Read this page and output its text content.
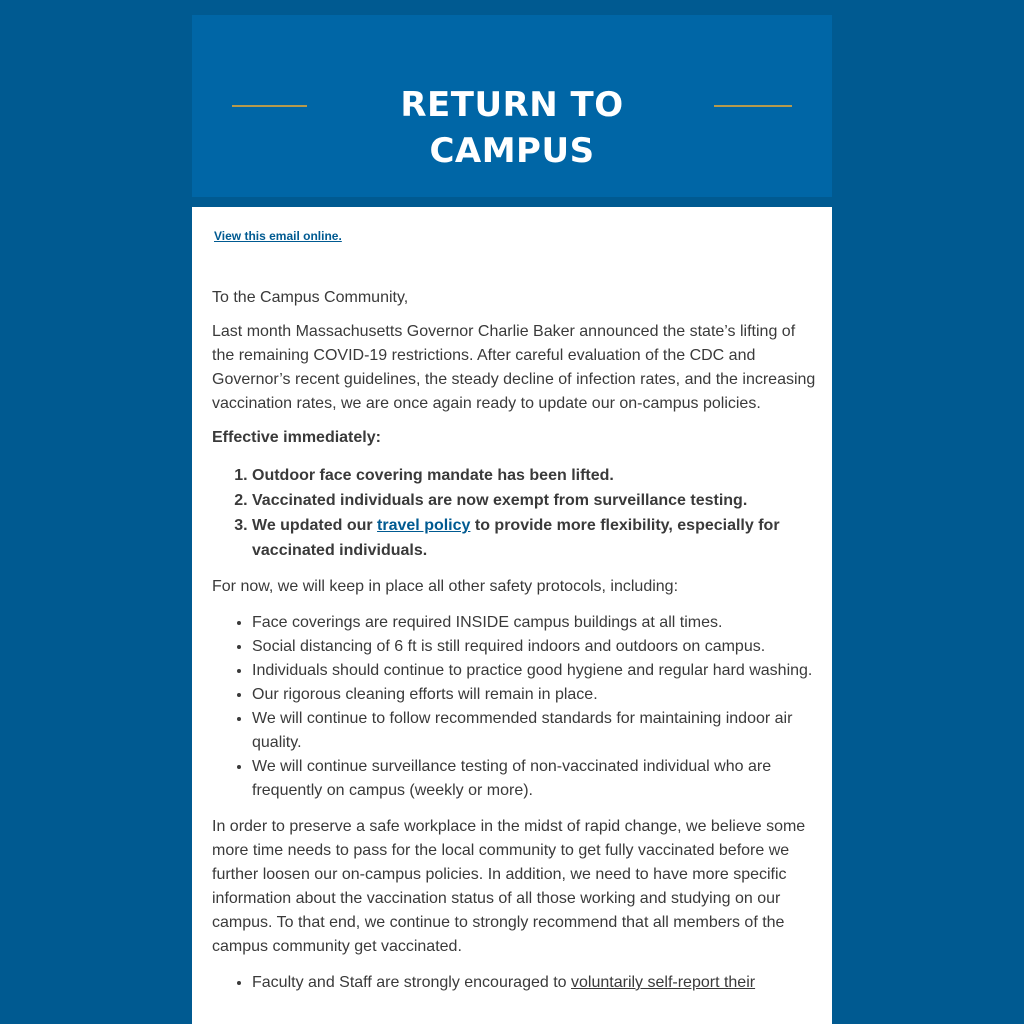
RETURN TO CAMPUS
View this email online.

To the Campus Community,

Last month Massachusetts Governor Charlie Baker announced the state’s lifting of the remaining COVID-19 restrictions. After careful evaluation of the CDC and Governor’s recent guidelines, the steady decline of infection rates, and the increasing vaccination rates, we are once again ready to update our on-campus policies.

Effective immediately:

1. Outdoor face covering mandate has been lifted.
2. Vaccinated individuals are now exempt from surveillance testing.
3. We updated our travel policy to provide more flexibility, especially for vaccinated individuals.

For now, we will keep in place all other safety protocols, including:

• Face coverings are required INSIDE campus buildings at all times.
• Social distancing of 6 ft is still required indoors and outdoors on campus.
• Individuals should continue to practice good hygiene and regular hard washing.
• Our rigorous cleaning efforts will remain in place.
• We will continue to follow recommended standards for maintaining indoor air quality.
• We will continue surveillance testing of non-vaccinated individual who are frequently on campus (weekly or more).

In order to preserve a safe workplace in the midst of rapid change, we believe some more time needs to pass for the local community to get fully vaccinated before we further loosen our on-campus policies. In addition, we need to have more specific information about the vaccination status of all those working and studying on our campus. To that end, we continue to strongly recommend that all members of the campus community get vaccinated.

• Faculty and Staff are strongly encouraged to voluntarily self-report their
